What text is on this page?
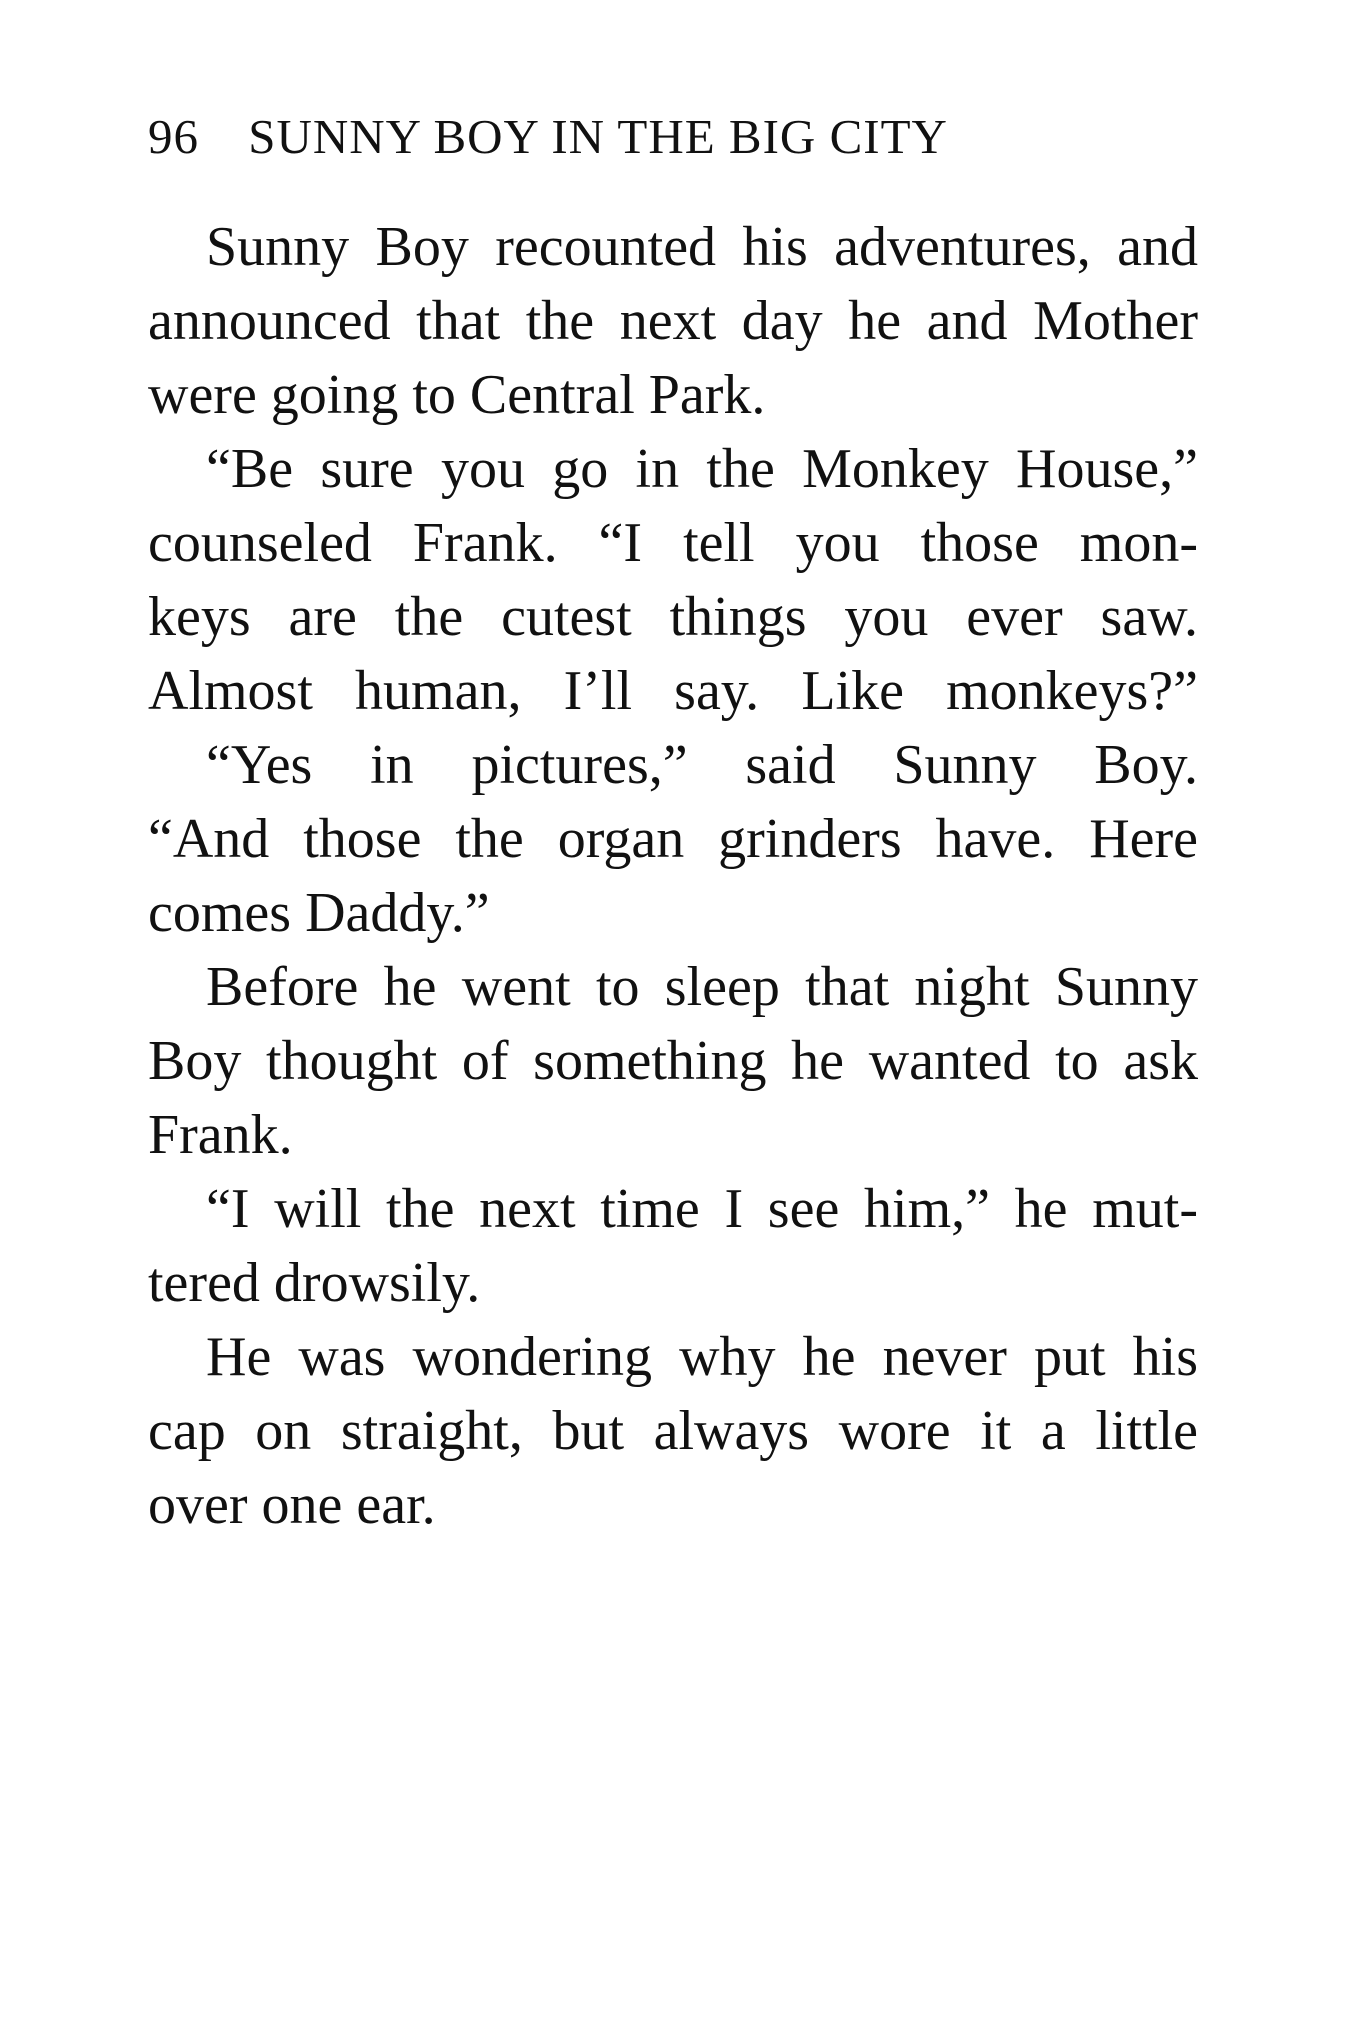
96 SUNNY BOY IN THE BIG CITY
Sunny Boy recounted his adventures, and
announced that the next day he and Mother
were going to Central Park.
“Be sure you go in the Monkey House,”
counseled Frank. “I tell you those mon-
keys are the cutest things you ever saw.
Almost human, I’ll say. Like monkeys?”
“Yes in pictures,” said Sunny Boy.
“And those the organ grinders have. Here
comes Daddy.”
Before he went to sleep that night Sunny
Boy thought of something he wanted to ask
Frank.
“I will the next time I see him,” he mut-
tered drowsily.
He was wondering why he never put his
cap on straight, but always wore it a little
over one ear.
